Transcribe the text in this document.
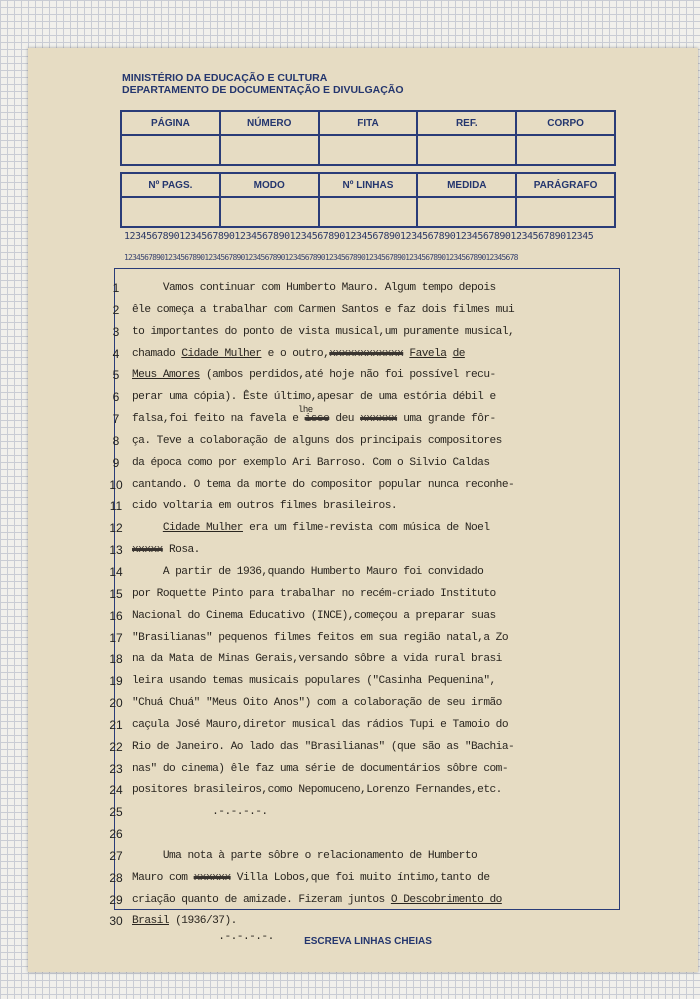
MINISTÉRIO DA EDUCAÇÃO E CULTURA
DEPARTAMENTO DE DOCUMENTAÇÃO E DIVULGAÇÃO
PÁGINA	NÚMERO	FITA	REF.	CORPO

Nº PAGS.	MODO	Nº LINHAS	MEDIDA	PARÁGRAFO

1234567890123456789012345678901234567890123456789012345678901234567890123456789012345
12345678901234567890123456789012345678901234567890123456789012345678901234567890123456789012345678
1
2
3
4
5
6
7
8
9
10
11
12
13
14
15
16
17
18
19
20
21
22
23
24
25
26
27
28
29
30
Vamos continuar com Humberto Mauro. Algum tempo depois
êle começa a trabalhar com Carmen Santos e faz dois filmes mui
to importantes do ponto de vista musical,um puramente musical,
chamado Cidade Mulher e o outro,xxxxxxxxxxxx Favela de
Meus Amores (ambos perdidos,até hoje não foi possível recu-
perar uma cópia). Êste último,apesar de uma estória débil e
falsa,foi feito na favela e isso deu xxxxxx uma grande fôr-
lhe
ça. Teve a colaboração de alguns dos principais compositores
da época como por exemplo Ari Barroso. Com o Silvio Caldas
cantando. O tema da morte do compositor popular nunca reconhe-
cido voltaria em outros filmes brasileiros.
Cidade Mulher era um filme-revista com música de Noel
xxxxx Rosa.
A partir de 1936,quando Humberto Mauro foi convidado
por Roquette Pinto para trabalhar no recém-criado Instituto
Nacional do Cinema Educativo (INCE),começou a preparar suas
"Brasilianas" pequenos filmes feitos em sua região natal,a Zo
na da Mata de Minas Gerais,versando sôbre a vida rural brasi
leira usando temas musicais populares ("Casinha Pequenina",
"Chuá Chuá" "Meus Oito Anos") com a colaboração de seu irmão
caçula José Mauro,diretor musical das rádios Tupi e Tamoio do
Rio de Janeiro. Ao lado das "Brasilianas" (que são as "Bachia-
nas" do cinema) êle faz uma série de documentários sôbre com-
positores brasileiros,como Nepomuceno,Lorenzo Fernandes,etc.
.-.-.-.-.
Uma nota à parte sôbre o relacionamento de Humberto
Mauro com xxxxxx Villa Lobos,que foi muito íntimo,tanto de
criação quanto de amizade. Fizeram juntos O Descobrimento do
Brasil (1936/37).
.-.-.-.-.	ESCREVA LINHAS CHEIAS
